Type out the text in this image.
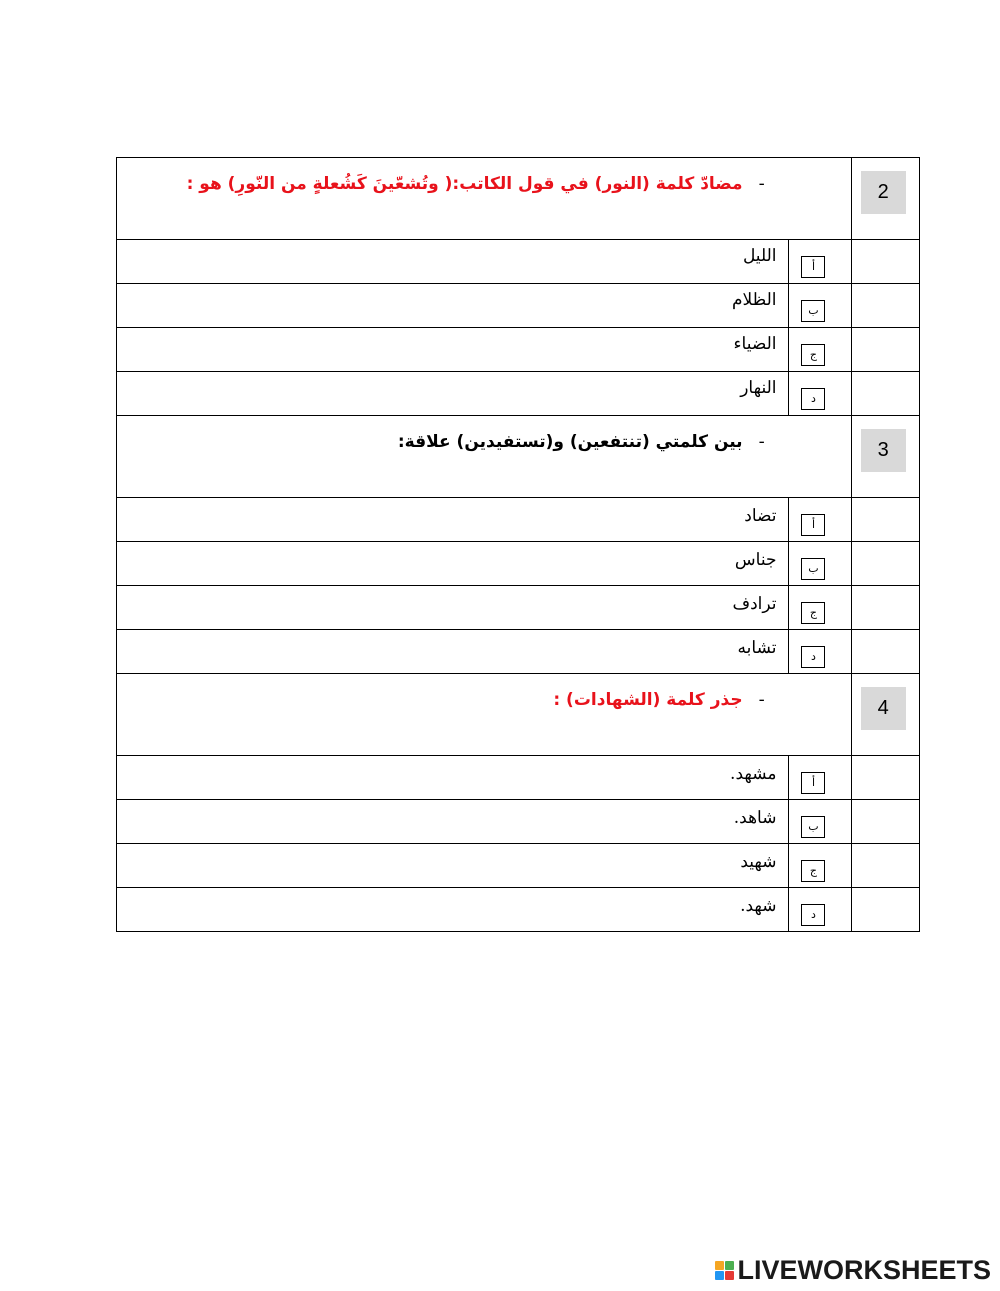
-مضادّ كلمة (النور) في قول الكاتب:( وتُشعّينَ كَشُعلةٍ من النّورِ) هو :		2

الليل	أ	

الظلام	ب	

الضياء	ج	

النهار	د	

-بين كلمتي (تنتفعين) و(تستفيدين) علاقة:		3

تضاد	أ	

جناس	ب	

ترادف	ج	

تشابه	د	

-جذر كلمة (الشهادات) :		4

مشهد.	أ	

شاهد.	ب	

شهيد	ج	

شهد.	د	

LIVEWORKSHEETS
